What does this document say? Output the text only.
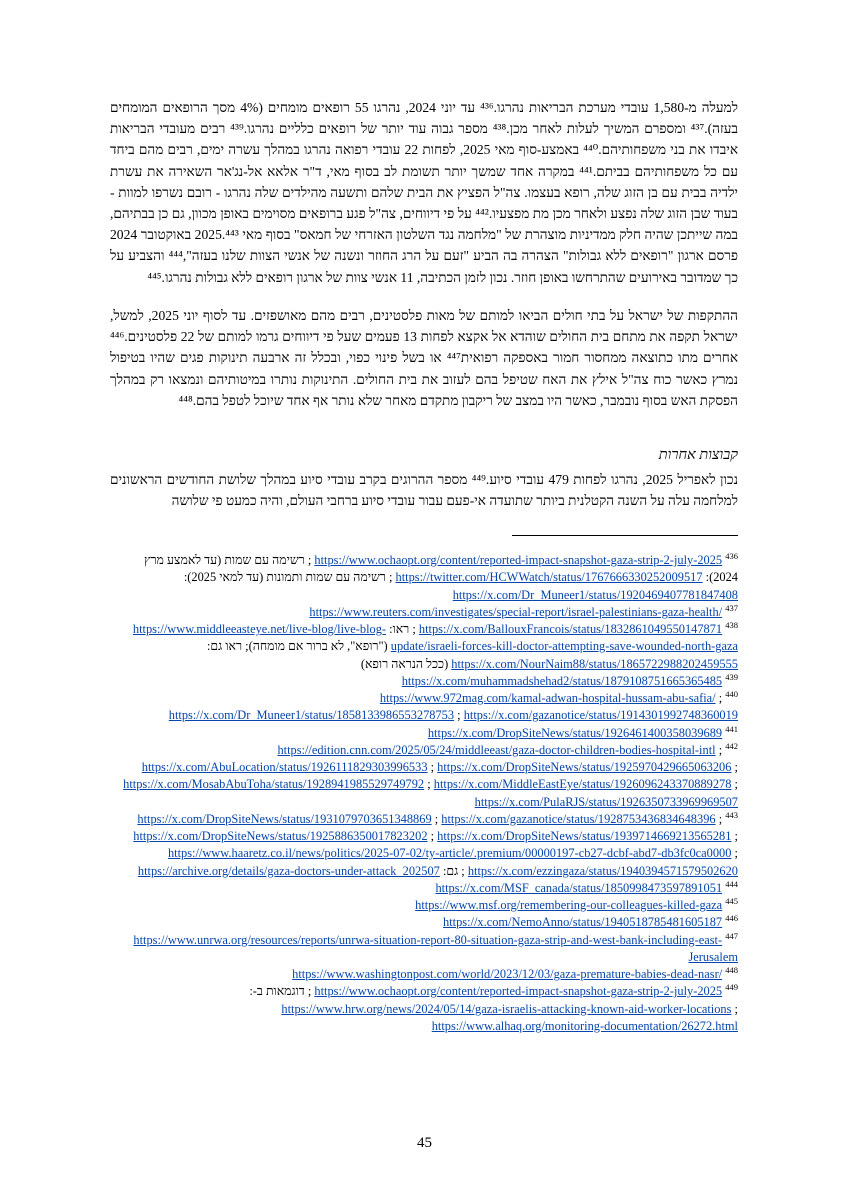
למעלה מ-1,580 עובדי מערכת הבריאות נהרגו.⁴³⁶ עד יוני 2024, נהרגו 55 רופאים מומחים (4% מסך הרופאים המומחים בעזה).⁴³⁷ ומספרם המשיך לעלות לאחר מכן.⁴³⁸ מספר גבוה עוד יותר של רופאים כלליים נהרגו.⁴³⁹ רבים מעובדי הבריאות איבדו את בני משפחותיהם.⁴⁴⁰ באמצע-סוף מאי 2025, לפחות 22 עובדי רפואה נהרגו במהלך עשרה ימים, רבים מהם ביחד עם כל משפחותיהם בביתם.⁴⁴¹ במקרה אחד שמשך יותר תשומת לב בסוף מאי, ד"ר אלאא אל-נג'אר השאירה את עשרת ילדיה בבית עם בן הזוג שלה, רופא בעצמו. צה"ל הפציץ את הבית שלהם ותשעה מהילדים שלה נהרגו - רובם נשרפו למוות - בעוד שבן הזוג שלה נפצע ולאחר מכן מת מפצעיו.⁴⁴² על פי דיווחים, צה"ל פגע ברופאים מסוימים באופן מכוון, גם כן בבתיהם, במה שייתכן שהיה חלק ממדיניות מוצהרת של "מלחמה נגד השלטון האזרחי של חמאס" בסוף מאי 2025.⁴⁴³ באוקטובר 2024 פרסם ארגון "רופאים ללא גבולות" הצהרה בה הביע "זעם על הרג החוזר ונשנה של אנשי הצוות שלנו בעזה",⁴⁴⁴ והצביע על כך שמדובר באירועים שהתרחשו באופן חוזר. נכון לזמן הכתיבה, 11 אנשי צוות של ארגון רופאים ללא גבולות נהרגו.⁴⁴⁵

ההתקפות של ישראל על בתי חולים הביאו למותם של מאות פלסטינים, רבים מהם מאושפזים. עד לסוף יוני 2025, למשל, ישראל תקפה את מתחם בית החולים שוהדא אל אקצא לפחות 13 פעמים שעל פי דיווחים גרמו למותם של 22 פלסטינים.⁴⁴⁶ אחרים מתו כתוצאה ממחסור חמור באספקה רפואית⁴⁴⁷ או בשל פינוי כפוי, ובכלל זה ארבעה תינוקות פגים שהיו בטיפול נמרץ כאשר כוח צה"ל אילץ את האח שטיפל בהם לעזוב את בית החולים. התינוקות נותרו במיטותיהם ונמצאו רק במהלך הפסקת האש בסוף נובמבר, כאשר היו במצב של ריקבון מתקדם מאחר שלא נותר אף אחד שיוכל לטפל בהם.⁴⁴⁸

קבוצות אחרות

נכון לאפריל 2025, נהרגו לפחות 479 עובדי סיוע.⁴⁴⁹ מספר ההרוגים בקרב עובדי סיוע במהלך שלושת החודשים הראשונים למלחמה עלה על השנה הקטלנית ביותר שתועדה אי-פעם עבור עובדי סיוע ברחבי העולם, והיה כמעט פי שלושה

$^{436}$ https://www.ochaopt.org/content/reported-impact-snapshot-gaza-strip-2-july-2025 ; רשימה עם שמות (עד לאמצע מרץ 2024): https://twitter.com/HCWWatch/status/1767666330252009517 ; רשימה עם שמות ותמונות (עד למאי 2025): https://x.com/Dr_Muneer1/status/1920469407781847408

$^{437}$ https://www.reuters.com/investigates/special-report/israel-palestinians-gaza-health/

$^{438}$ https://x.com/BallouxFrancois/status/1832861049550147871 ; ראו: https://www.middleeasteye.net/live-blog/live-blog-update/israeli-forces-kill-doctor-attempting-save-wounded-north-gaza ("רופא", לא ברור אם מומחה); ראו גם: https://x.com/NourNaim88/status/1865722988202459555 (ככל הנראה רופא)

$^{439}$ https://x.com/muhammadshehad2/status/1879108751665365485

$^{440}$ https://www.972mag.com/kamal-adwan-hospital-hussam-abu-safia/ ; https://x.com/Dr_Muneer1/status/1858133986553278753 ; https://x.com/gazanotice/status/1914301992748360019

$^{441}$ https://x.com/DropSiteNews/status/1926461400358039689

$^{442}$ https://edition.cnn.com/2025/05/24/middleeast/gaza-doctor-children-bodies-hospital-intl ; https://x.com/AbuLocation/status/1926111829303996533 ; https://x.com/DropSiteNews/status/1925970429665063206 ; https://x.com/MosabAbuToha/status/1928941985529749792 ; https://x.com/MiddleEastEye/status/1926096243370889278 ; https://x.com/PulaRJS/status/1926350733969969507

$^{443}$ https://x.com/DropSiteNews/status/1931079703651348869 ; https://x.com/gazanotice/status/1928753436834648396 ; https://x.com/DropSiteNews/status/1925886350017823202 ; https://x.com/DropSiteNews/status/1939714669213565281 ; https://www.haaretz.co.il/news/politics/2025-07-02/ty-article/.premium/00000197-cb27-dcbf-abd7-db3fc0ca0000 ; https://x.com/ezzingaza/status/1940394571579502620 ; גם: https://archive.org/details/gaza-doctors-under-attack_202507

$^{444}$ https://x.com/MSF_canada/status/1850998473597891051

$^{445}$ https://www.msf.org/remembering-our-colleagues-killed-gaza

$^{446}$ https://x.com/NemoAnno/status/1940518785481605187

$^{447}$ https://www.unrwa.org/resources/reports/unrwa-situation-report-80-situation-gaza-strip-and-west-bank-including-east-Jerusalem

$^{448}$ https://www.washingtonpost.com/world/2023/12/03/gaza-premature-babies-dead-nasr/

$^{449}$ https://www.ochaopt.org/content/reported-impact-snapshot-gaza-strip-2-july-2025 ; דוגמאות ב-: https://www.hrw.org/news/2024/05/14/gaza-israelis-attacking-known-aid-worker-locations ; https://www.alhaq.org/monitoring-documentation/26272.html

45
